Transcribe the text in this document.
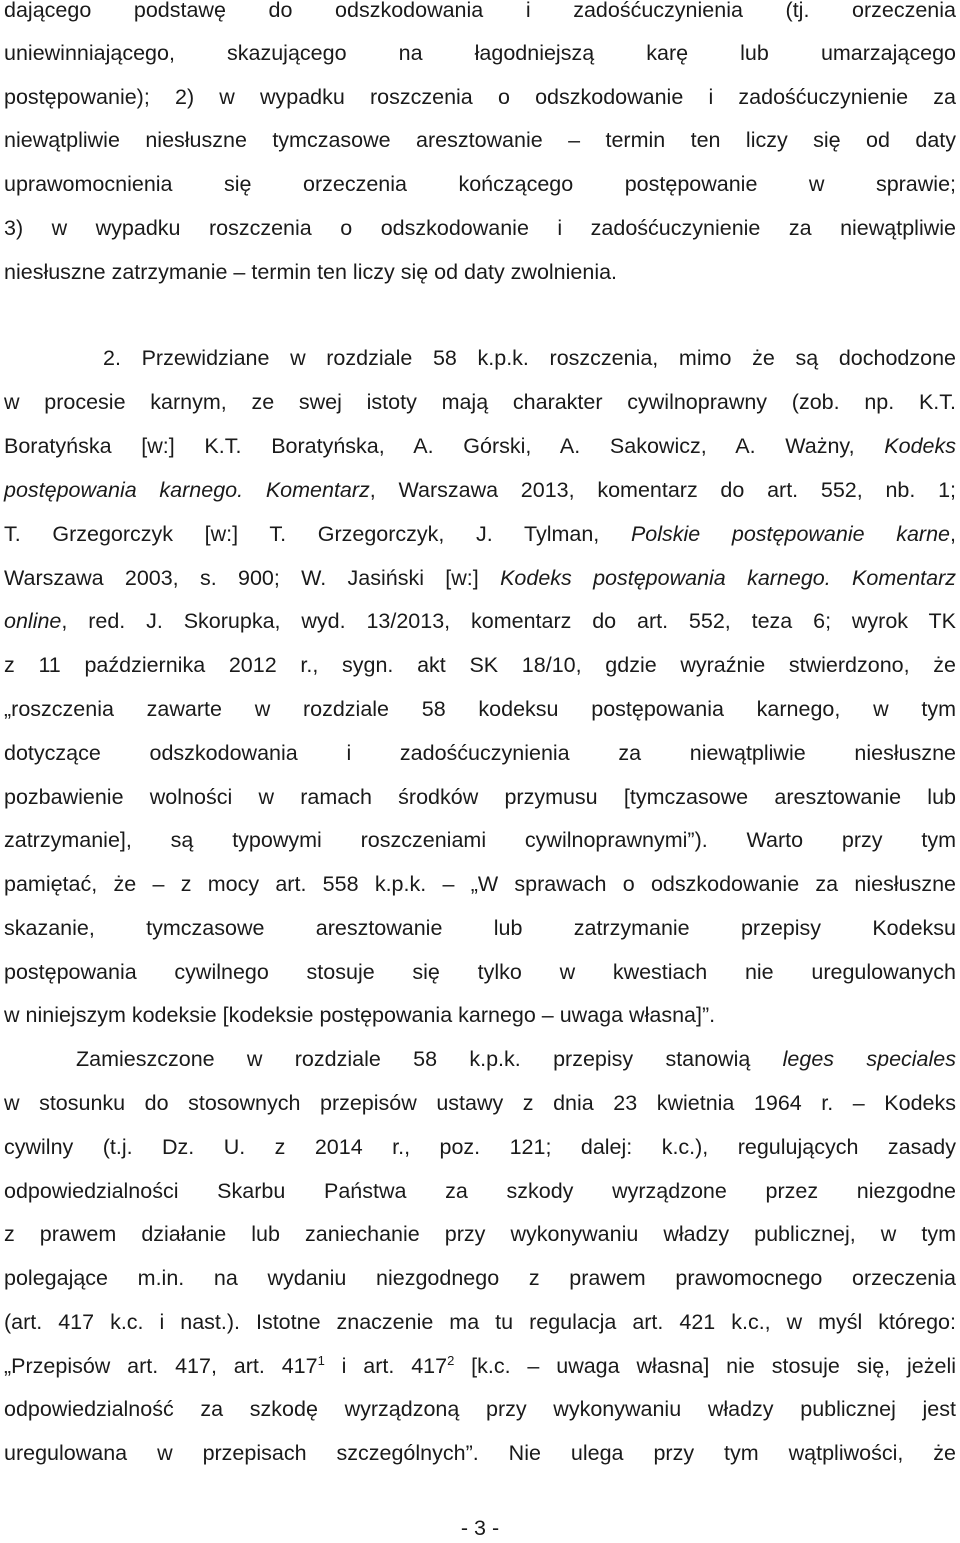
dającego podstawę do odszkodowania i zadośćuczynienia (tj. orzeczenia
uniewinniającego, skazującego na łagodniejszą karę lub umarzającego
postępowanie); 2) w wypadku roszczenia o odszkodowanie i zadośćuczynienie za
niewątpliwie niesłuszne tymczasowe aresztowanie – termin ten liczy się od daty
uprawomocnienia się orzeczenia kończącego postępowanie w sprawie;
3) w wypadku roszczenia o odszkodowanie i zadośćuczynienie za niewątpliwie
niesłuszne zatrzymanie – termin ten liczy się od daty zwolnienia.
2. Przewidziane w rozdziale 58 k.p.k. roszczenia, mimo że są dochodzone
w procesie karnym, ze swej istoty mają charakter cywilnoprawny (zob. np. K.T.
Boratyńska [w:] K.T. Boratyńska, A. Górski, A. Sakowicz, A. Ważny, Kodeks
postępowania karnego. Komentarz, Warszawa 2013, komentarz do art. 552, nb. 1;
T. Grzegorczyk [w:] T. Grzegorczyk, J. Tylman, Polskie postępowanie karne,
Warszawa 2003, s. 900; W. Jasiński [w:] Kodeks postępowania karnego. Komentarz
online, red. J. Skorupka, wyd. 13/2013, komentarz do art. 552, teza 6; wyrok TK
z 11 października 2012 r., sygn. akt SK 18/10, gdzie wyraźnie stwierdzono, że
„roszczenia zawarte w rozdziale 58 kodeksu postępowania karnego, w tym
dotyczące odszkodowania i zadośćuczynienia za niewątpliwie niesłuszne
pozbawienie wolności w ramach środków przymusu [tymczasowe aresztowanie lub
zatrzymanie], są typowymi roszczeniami cywilnoprawnymi”). Warto przy tym
pamiętać, że – z mocy art. 558 k.p.k. – „W sprawach o odszkodowanie za niesłuszne
skazanie, tymczasowe aresztowanie lub zatrzymanie przepisy Kodeksu
postępowania cywilnego stosuje się tylko w kwestiach nie uregulowanych
w niniejszym kodeksie [kodeksie postępowania karnego – uwaga własna]”.
Zamieszczone w rozdziale 58 k.p.k. przepisy stanowią leges speciales
w stosunku do stosownych przepisów ustawy z dnia 23 kwietnia 1964 r. – Kodeks
cywilny (t.j. Dz. U. z 2014 r., poz. 121; dalej: k.c.), regulujących zasady
odpowiedzialności Skarbu Państwa za szkody wyrządzone przez niezgodne
z prawem działanie lub zaniechanie przy wykonywaniu władzy publicznej, w tym
polegające m.in. na wydaniu niezgodnego z prawem prawomocnego orzeczenia
(art. 417 k.c. i nast.). Istotne znaczenie ma tu regulacja art. 421 k.c., w myśl którego:
„Przepisów art. 417, art. $417^1$ i art. $417^2$ [k.c. – uwaga własna] nie stosuje się, jeżeli
odpowiedzialność za szkodę wyrządzoną przy wykonywaniu władzy publicznej jest
uregulowana w przepisach szczególnych”. Nie ulega przy tym wątpliwości, że
- 3 -
